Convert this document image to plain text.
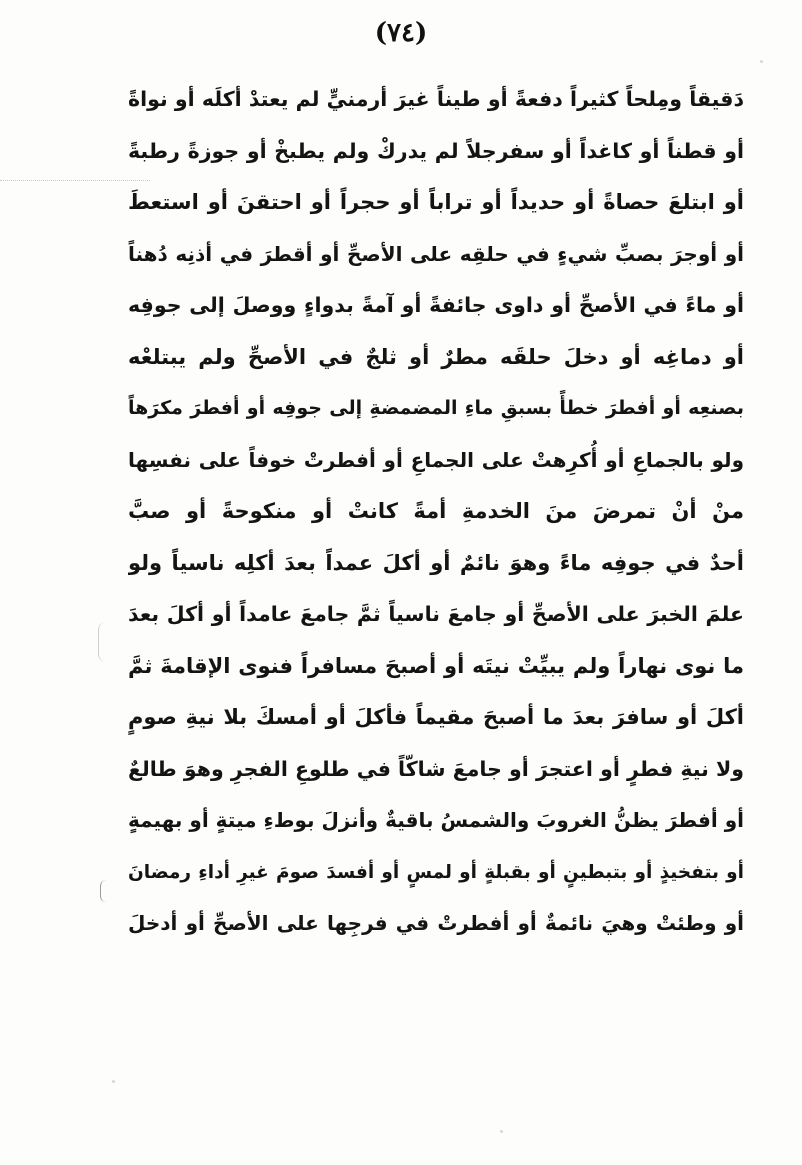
(٧٤)
دَقيقاً ومِلحاً كثيراً دفعةً أو طيناً غيرَ أرمنيٍّ لم يعتدْ أكلَه أو نواةً
أو قطناً أو كاغداً أو سفرجلاً لم يدركْ ولم يطبخْ أو جوزةً رطبةً
أو ابتلعَ حصاةً أو حديداً أو تراباً أو حجراً أو احتقنَ أو استعطَ
أو أوجرَ بصبِّ شيءٍ في حلقِه على الأصحِّ أو أقطرَ في أذنِه دُهناً
أو ماءً في الأصحِّ أو داوى جائفةً أو آمةً بدواءٍ ووصلَ إلى جوفِه
أو دماغِه أو دخلَ حلقَه مطرٌ أو ثلجٌ في الأصحِّ ولم يبتلعْه
بصنعِه أو أفطرَ خطأً بسبقِ ماءِ المضمضةِ إلى جوفِه أو أفطرَ مكرَهاً
ولو بالجماعِ أو أُكرِهتْ على الجماعِ أو أفطرتْ خوفاً على نفسِها
منْ أنْ تمرضَ منَ الخدمةِ أمةً كانتْ أو منكوحةً أو صبَّ
أحدٌ في جوفِه ماءً وهوَ نائمٌ أو أكلَ عمداً بعدَ أكلِه ناسياً ولو
علمَ الخبرَ على الأصحِّ أو جامعَ ناسياً ثمَّ جامعَ عامداً أو أكلَ بعدَ
ما نوى نهاراً ولم يبيِّتْ نيتَه أو أصبحَ مسافراً فنوى الإقامةَ ثمَّ
أكلَ أو سافرَ بعدَ ما أصبحَ مقيماً فأكلَ أو أمسكَ بلا نيةِ صومٍ
ولا نيةِ فطرٍ أو اعتجرَ أو جامعَ شاكّاً في طلوعِ الفجرِ وهوَ طالعٌ
أو أفطرَ يظنُّ الغروبَ والشمسُ باقيةٌ وأنزلَ بوطءِ ميتةٍ أو بهيمةٍ
أو بتفخيذٍ أو بتبطينٍ أو بقبلةٍ أو لمسٍ أو أفسدَ صومَ غيرِ أداءِ رمضانَ
أو وطئتْ وهيَ نائمةٌ أو أفطرتْ في فرجِها على الأصحِّ أو أدخلَ
